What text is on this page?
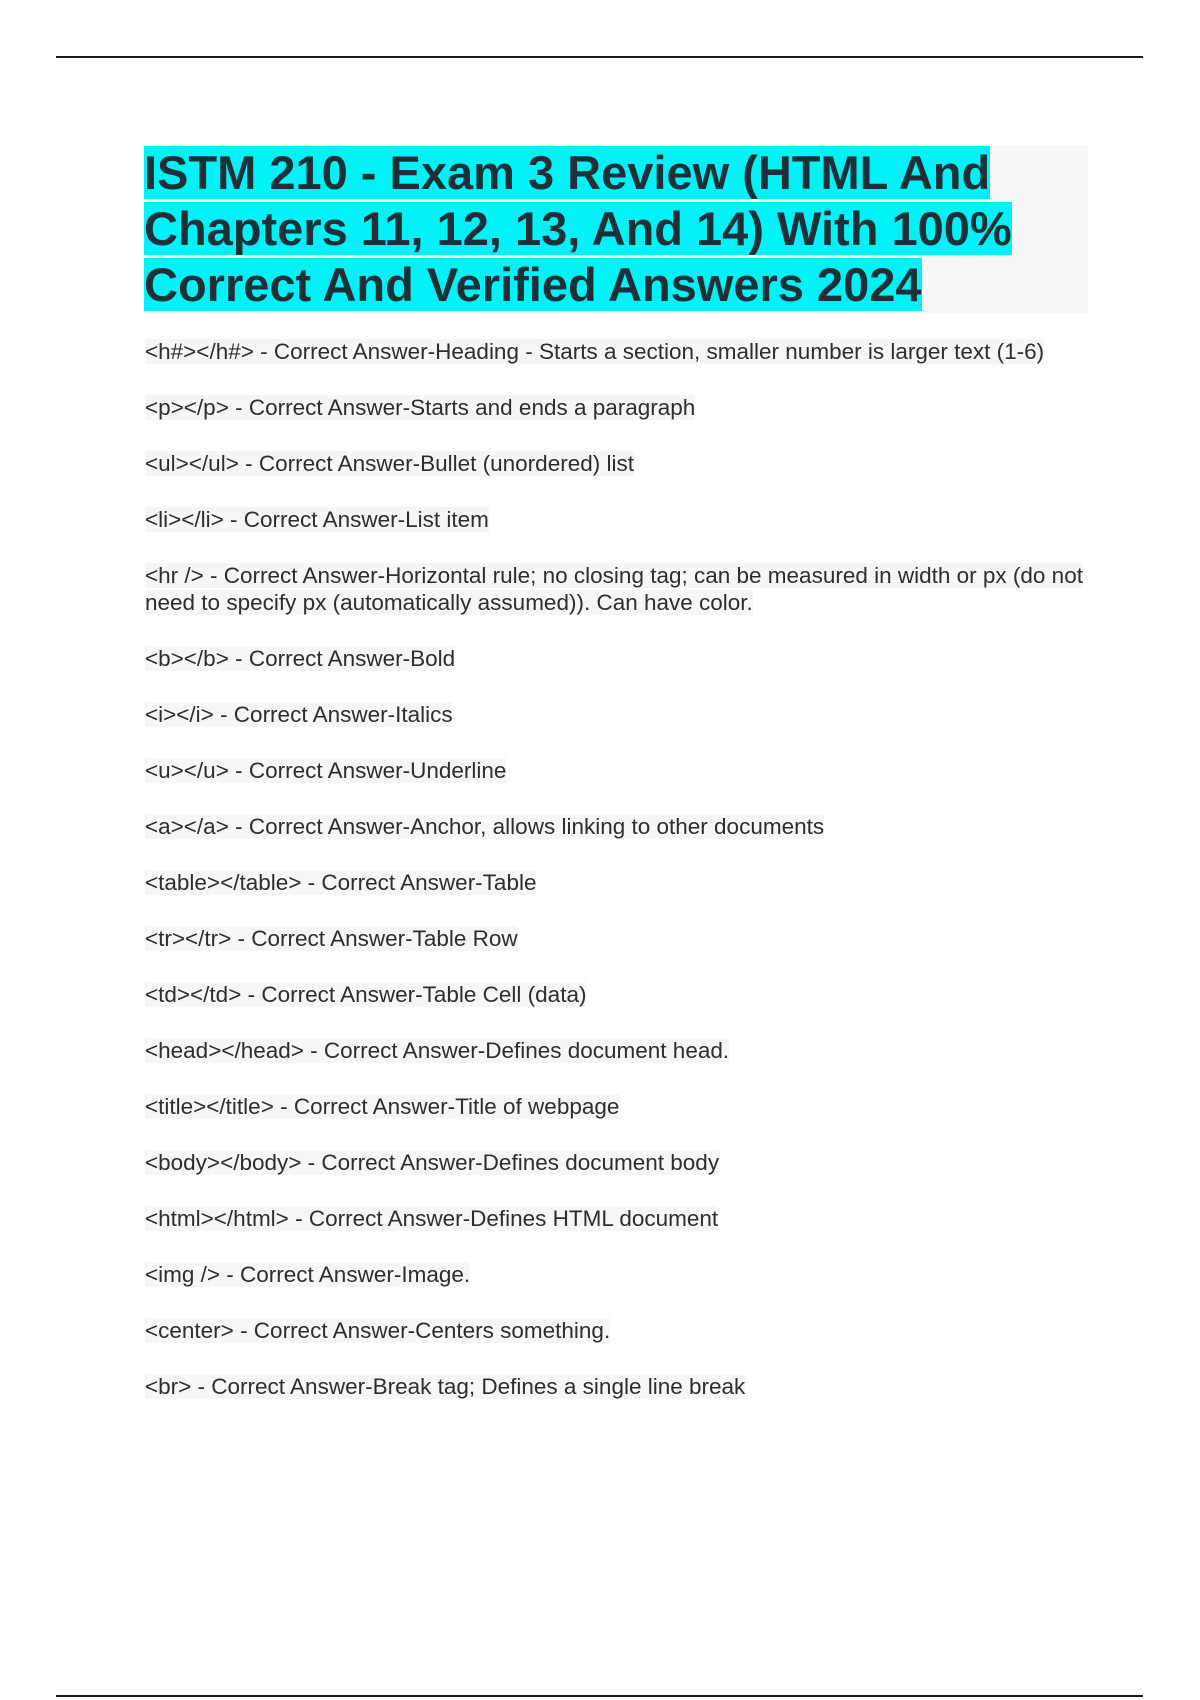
ISTM 210 - Exam 3 Review (HTML And Chapters 11, 12, 13, And 14) With 100% Correct And Verified Answers 2024
<h#></h#> - Correct Answer-Heading - Starts a section, smaller number is larger text (1-6)
<p></p> - Correct Answer-Starts and ends a paragraph
<ul></ul> - Correct Answer-Bullet (unordered) list
<li></li> - Correct Answer-List item
<hr /> - Correct Answer-Horizontal rule; no closing tag; can be measured in width or px (do not need to specify px (automatically assumed)). Can have color.
<b></b> - Correct Answer-Bold
<i></i> - Correct Answer-Italics
<u></u> - Correct Answer-Underline
<a></a> - Correct Answer-Anchor, allows linking to other documents
<table></table> - Correct Answer-Table
<tr></tr> - Correct Answer-Table Row
<td></td> - Correct Answer-Table Cell (data)
<head></head> - Correct Answer-Defines document head.
<title></title> - Correct Answer-Title of webpage
<body></body> - Correct Answer-Defines document body
<html></html> - Correct Answer-Defines HTML document
<img /> - Correct Answer-Image.
<center> - Correct Answer-Centers something.
<br> - Correct Answer-Break tag; Defines a single line break
